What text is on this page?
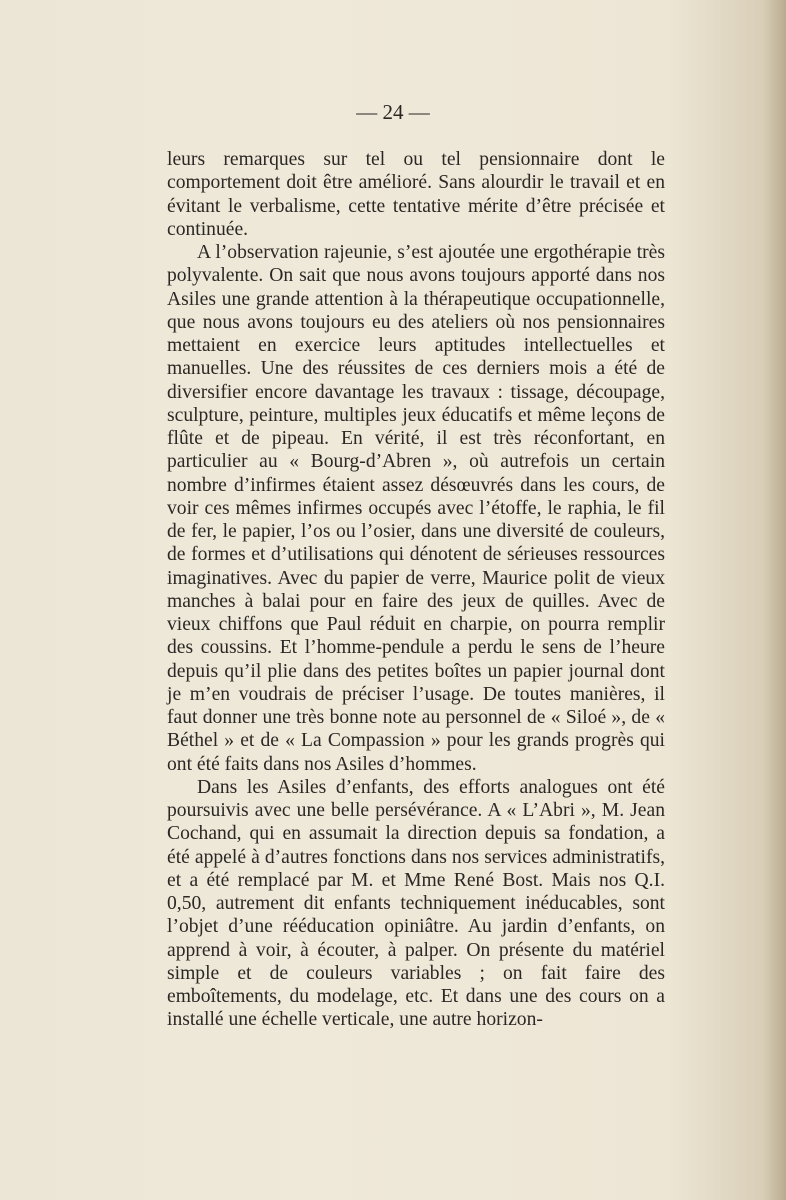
— 24 —

leurs remarques sur tel ou tel pensionnaire dont le comportement doit être amélioré. Sans alourdir le travail et en évitant le verbalisme, cette tentative mérite d’être précisée et continuée.

A l’observation rajeunie, s’est ajoutée une ergothérapie très polyvalente. On sait que nous avons toujours apporté dans nos Asiles une grande attention à la thérapeutique occupationnelle, que nous avons toujours eu des ateliers où nos pensionnaires mettaient en exercice leurs aptitudes intellectuelles et manuelles. Une des réussites de ces derniers mois a été de diversifier encore davantage les travaux : tissage, découpage, sculpture, peinture, multiples jeux éducatifs et même leçons de flûte et de pipeau. En vérité, il est très réconfortant, en particulier au « Bourg-d’Abren », où autrefois un certain nombre d’infirmes étaient assez désœuvrés dans les cours, de voir ces mêmes infirmes occupés avec l’étoffe, le raphia, le fil de fer, le papier, l’os ou l’osier, dans une diversité de couleurs, de formes et d’utilisations qui dénotent de sérieuses ressources imaginatives. Avec du papier de verre, Maurice polit de vieux manches à balai pour en faire des jeux de quilles. Avec de vieux chiffons que Paul réduit en charpie, on pourra remplir des coussins. Et l’homme-pendule a perdu le sens de l’heure depuis qu’il plie dans des petites boîtes un papier journal dont je m’en voudrais de préciser l’usage. De toutes manières, il faut donner une très bonne note au personnel de « Siloé », de « Béthel » et de « La Compassion » pour les grands progrès qui ont été faits dans nos Asiles d’hommes.

Dans les Asiles d’enfants, des efforts analogues ont été poursuivis avec une belle persévérance. A « L’Abri », M. Jean Cochand, qui en assumait la direction depuis sa fondation, a été appelé à d’autres fonctions dans nos services administratifs, et a été remplacé par M. et Mme René Bost. Mais nos Q.I. 0,50, autrement dit enfants techniquement inéducables, sont l’objet d’une rééducation opiniâtre. Au jardin d’enfants, on apprend à voir, à écouter, à palper. On présente du matériel simple et de couleurs variables ; on fait faire des emboîtements, du modelage, etc. Et dans une des cours on a installé une échelle verticale, une autre horizon-
